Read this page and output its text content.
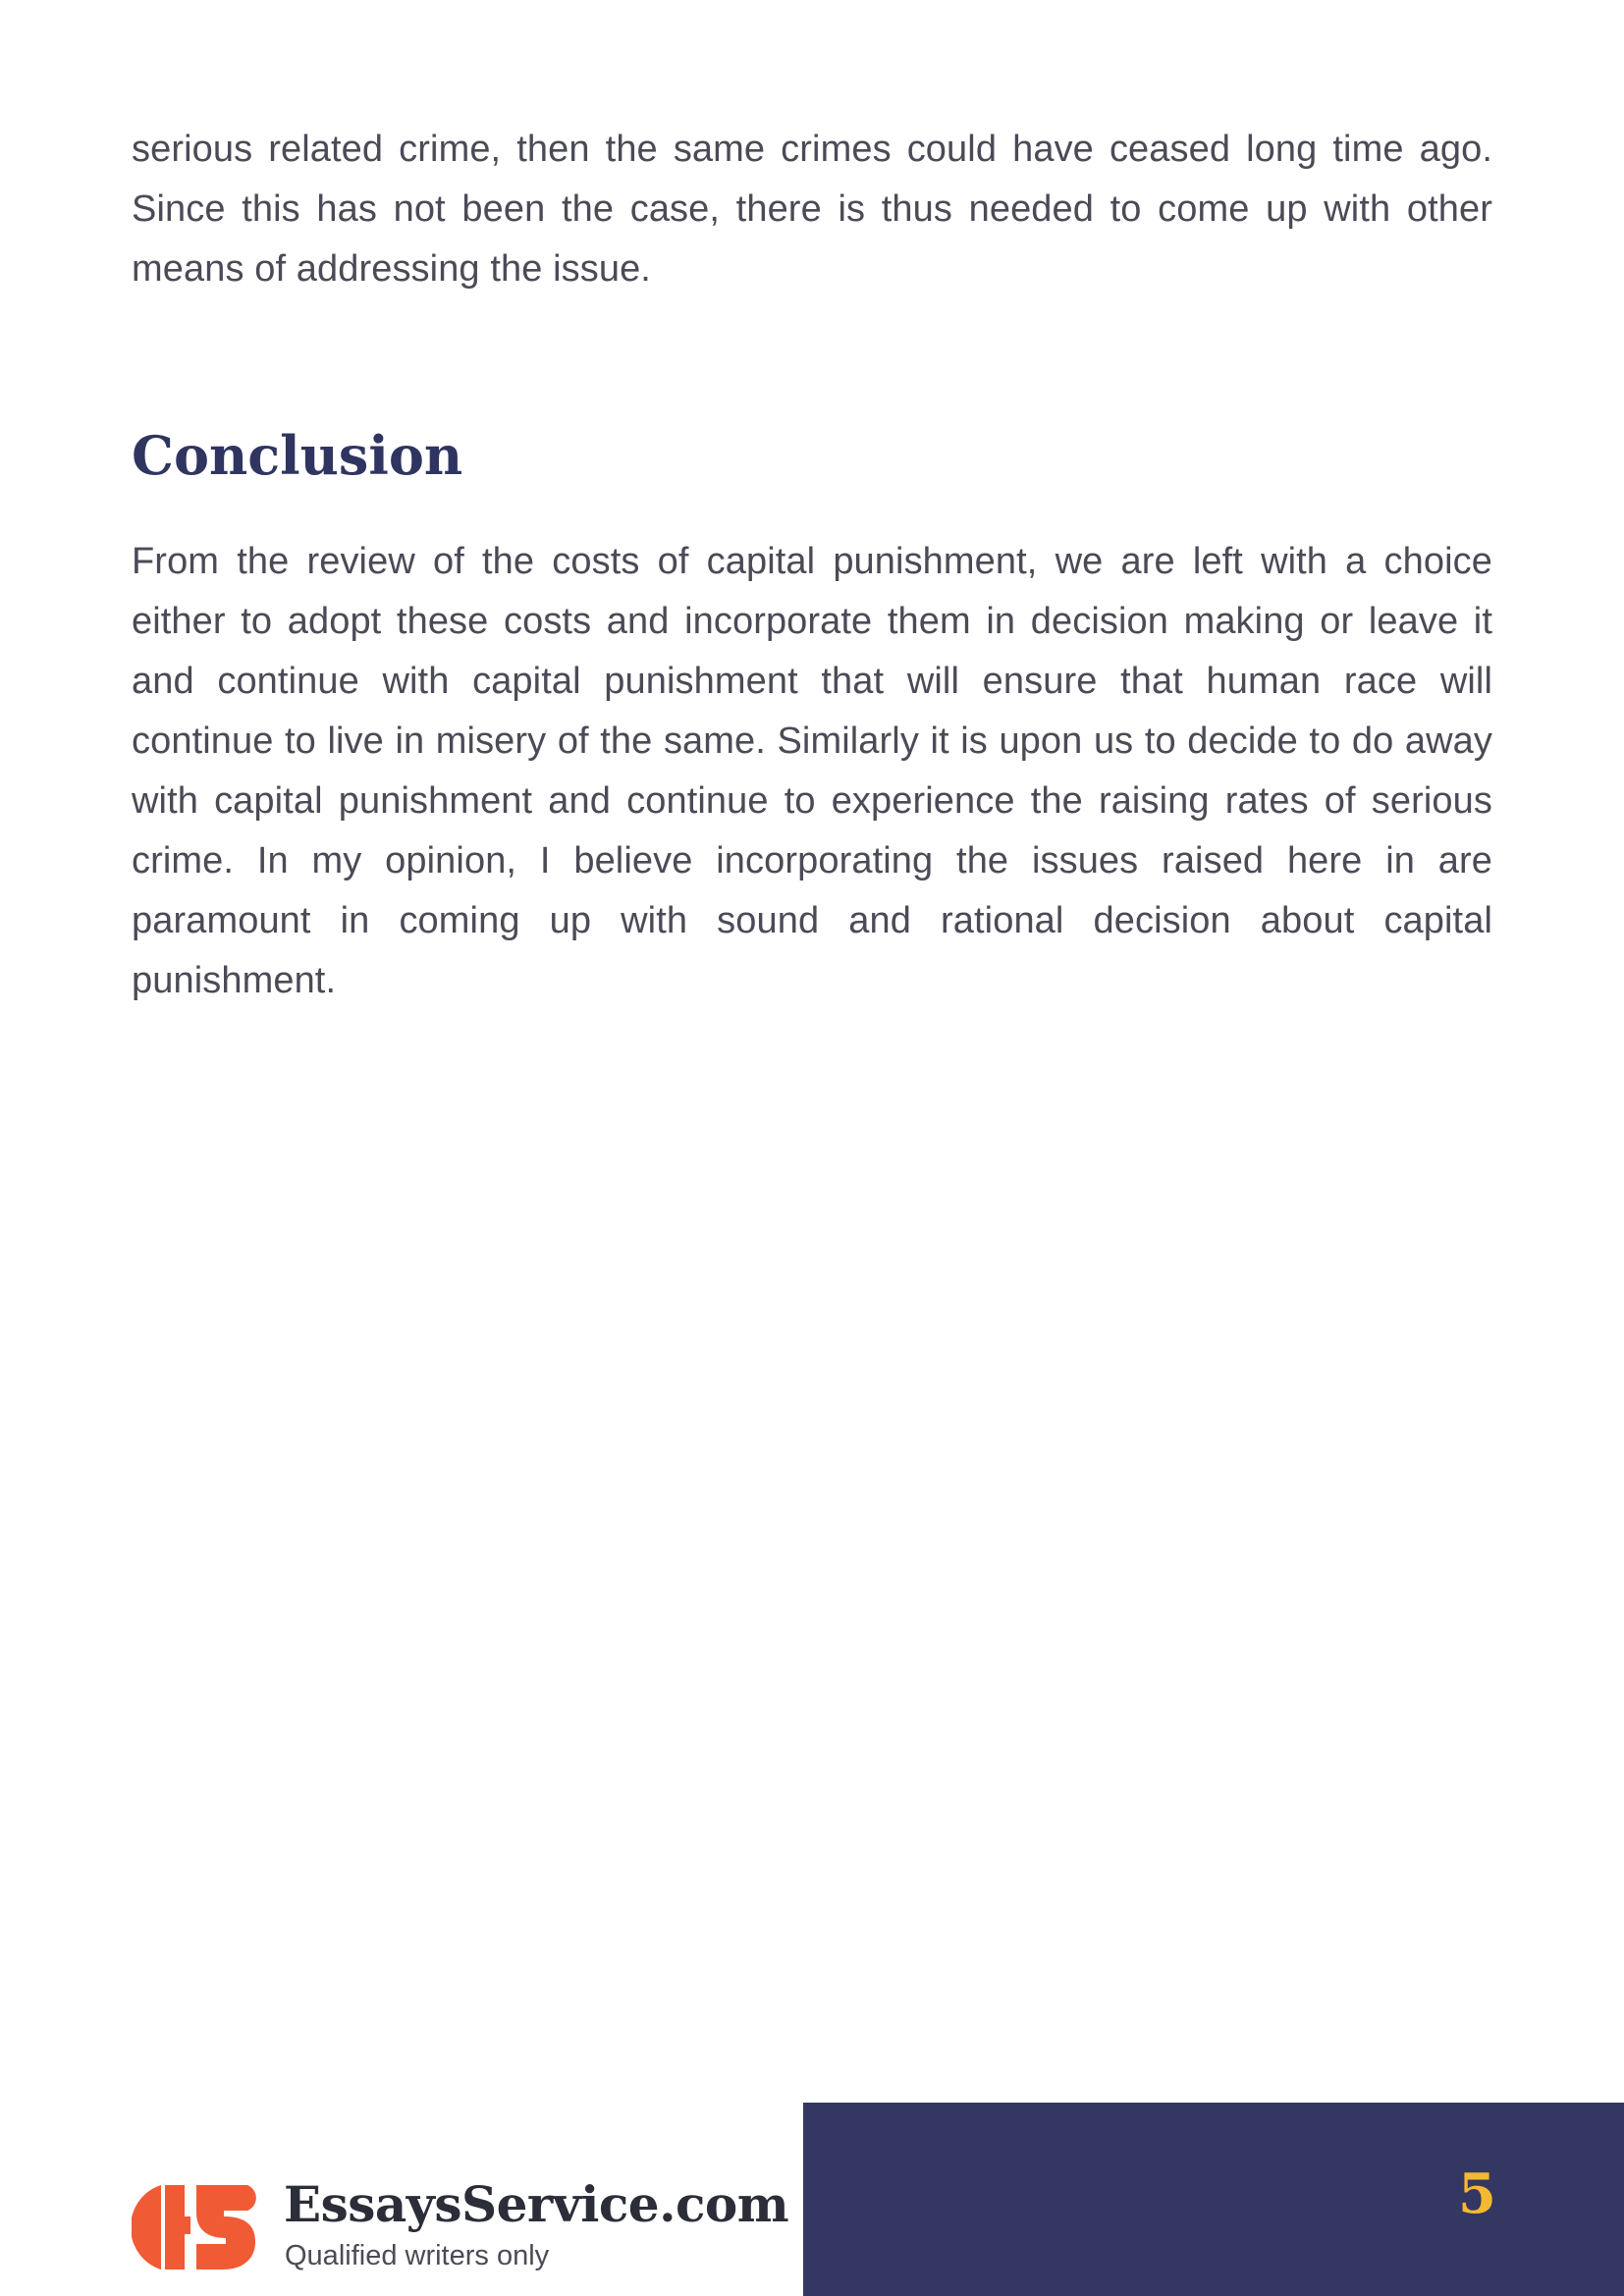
serious related crime, then the same crimes could have ceased long time ago. Since this has not been the case, there is thus needed to come up with other means of addressing the issue.

Conclusion

From the review of the costs of capital punishment, we are left with a choice either to adopt these costs and incorporate them in decision making or leave it and continue with capital punishment that will ensure that human race will continue to live in misery of the same. Similarly it is upon us to decide to do away with capital punishment and continue to experience the raising rates of serious crime. In my opinion, I believe incorporating the issues raised here in are paramount in coming up with sound and rational decision about capital punishment.

EssaysService.com
Qualified writers only
5
